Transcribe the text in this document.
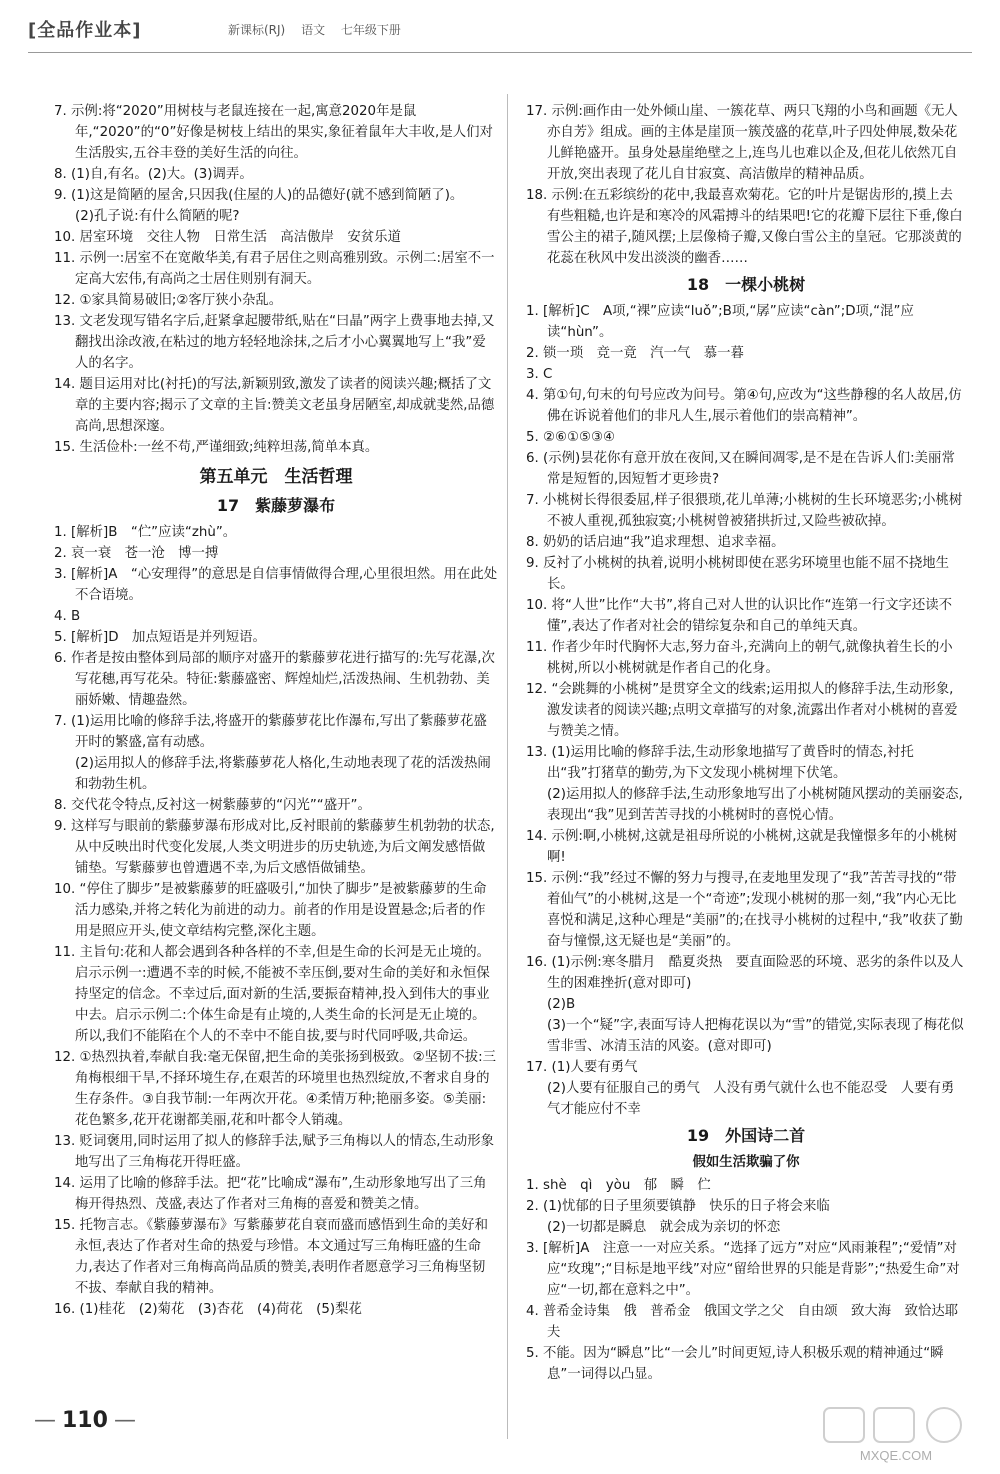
[全品作业本]	新课标(RJ) 语文 七年级下册

7. 示例:将“2020”用树枝与老鼠连接在一起,寓意2020年是鼠年,“2020”的“0”好像是树枝上结出的果实,象征着鼠年大丰收,是人们对生活殷实,五谷丰登的美好生活的向往。

8. (1)自,有名。(2)大。(3)调弄。

9. (1)这是简陋的屋舍,只因我(住屋的人)的品德好(就不感到简陋了)。

(2)孔子说:有什么简陋的呢?

10. 居室环境　交往人物　日常生活　高洁傲岸　安贫乐道

11. 示例一:居室不在宽敞华美,有君子居住之则高雅别致。示例二:居室不一定高大宏伟,有高尚之士居住则别有洞天。

12. ①家具简易破旧;②客厅狭小杂乱。

13. 文老发现写错名字后,赶紧拿起腰带纸,贴在“曰晶”两字上费事地去掉,又翻找出涂改液,在粘过的地方轻轻地涂抹,之后才小心翼翼地写上“我”爱人的名字。

14. 题目运用对比(衬托)的写法,新颖别致,激发了读者的阅读兴趣;概括了文章的主要内容;揭示了文章的主旨:赞美文老虽身居陋室,却成就斐然,品德高尚,思想深邃。

15. 生活俭朴:一丝不苟,严谨细致;纯粹坦荡,简单本真。

第五单元　生活哲理

17　紫藤萝瀑布

1. [解析]B　“伫”应读“zhù”。

2. 哀一衰　苍一沧　博一搏

3. [解析]A　“心安理得”的意思是自信事情做得合理,心里很坦然。用在此处不合语境。

4. B

5. [解析]D　加点短语是并列短语。

6. 作者是按由整体到局部的顺序对盛开的紫藤萝花进行描写的:先写花瀑,次写花穗,再写花朵。特征:紫藤盛密、辉煌灿烂,活泼热闹、生机勃勃、美丽娇嫩、情趣盎然。

7. (1)运用比喻的修辞手法,将盛开的紫藤萝花比作瀑布,写出了紫藤萝花盛开时的繁盛,富有动感。

(2)运用拟人的修辞手法,将紫藤萝花人格化,生动地表现了花的活泼热闹和勃勃生机。

8. 交代花令特点,反衬这一树紫藤萝的“闪光”“盛开”。

9. 这样写与眼前的紫藤萝瀑布形成对比,反衬眼前的紫藤萝生机勃勃的状态,从中反映出时代变化发展,人类文明进步的历史轨迹,为后文阐发感悟做铺垫。写紫藤萝也曾遭遇不幸,为后文感悟做铺垫。

10. “停住了脚步”是被紫藤萝的旺盛吸引,“加快了脚步”是被紫藤萝的生命活力感染,并将之转化为前进的动力。前者的作用是设置悬念;后者的作用是照应开头,使文章结构完整,深化主题。

11. 主旨句:花和人都会遇到各种各样的不幸,但是生命的长河是无止境的。启示示例一:遭遇不幸的时候,不能被不幸压倒,要对生命的美好和永恒保持坚定的信念。不幸过后,面对新的生活,要振奋精神,投入到伟大的事业中去。启示示例二:个体生命是有止境的,人类生命的长河是无止境的。所以,我们不能陷在个人的不幸中不能自拔,要与时代同呼吸,共命运。

12. ①热烈执着,奉献自我:毫无保留,把生命的美张扬到极致。②坚韧不拔:三角梅根细干旱,不择环境生存,在艰苦的环境里也热烈绽放,不奢求自身的生存条件。③自我节制:一年两次开花。④柔情万种;艳丽多姿。⑤美丽:花色繁多,花开花谢都美丽,花和叶都令人销魂。

13. 贬词褒用,同时运用了拟人的修辞手法,赋予三角梅以人的情态,生动形象地写出了三角梅花开得旺盛。

14. 运用了比喻的修辞手法。把“花”比喻成“瀑布”,生动形象地写出了三角梅开得热烈、茂盛,表达了作者对三角梅的喜爱和赞美之情。

15. 托物言志。《紫藤萝瀑布》写紫藤萝花自衰而盛而感悟到生命的美好和永恒,表达了作者对生命的热爱与珍惜。本文通过写三角梅旺盛的生命力,表达了作者对三角梅高尚品质的赞美,表明作者愿意学习三角梅坚韧不拔、奉献自我的精神。

16. (1)桂花　(2)菊花　(3)杏花　(4)荷花　(5)梨花

17. 示例:画作由一处外倾山崖、一簇花草、两只飞翔的小鸟和画题《无人亦自芳》组成。画的主体是崖顶一簇茂盛的花草,叶子四处伸展,数朵花儿鲜艳盛开。虽身处悬崖绝壁之上,连鸟儿也难以企及,但花儿依然兀自开放,突出表现了花儿自甘寂寞、高洁傲岸的精神品质。

18. 示例:在五彩缤纷的花中,我最喜欢菊花。它的叶片是锯齿形的,摸上去有些粗糙,也许是和寒冷的风霜搏斗的结果吧!它的花瓣下层往下垂,像白雪公主的裙子,随风摆;上层像椅子瓣,又像白雪公主的皇冠。它那淡黄的花蕊在秋风中发出淡淡的幽香……

18　一棵小桃树

1. [解析]C　A项,“裸”应读“luǒ”;B项,“孱”应读“càn”;D项,“混”应读“hùn”。

2. 锁一琐　竞一竟　汽一气　慕一暮

3. C

4. 第①句,句末的句号应改为问号。第④句,应改为“这些静穆的名人故居,仿佛在诉说着他们的非凡人生,展示着他们的崇高精神”。

5. ②⑥①⑤③④

6. (示例)昙花你有意开放在夜间,又在瞬间凋零,是不是在告诉人们:美丽常常是短暂的,因短暂才更珍贵?

7. 小桃树长得很委屈,样子很猥琐,花儿单薄;小桃树的生长环境恶劣;小桃树不被人重视,孤独寂寞;小桃树曾被猪拱折过,又险些被砍掉。

8. 奶奶的话启迪“我”追求理想、追求幸福。

9. 反衬了小桃树的执着,说明小桃树即使在恶劣环境里也能不屈不挠地生长。

10. 将“人世”比作“大书”,将自己对人世的认识比作“连第一行文字还读不懂”,表达了作者对社会的错综复杂和自己的单纯天真。

11. 作者少年时代胸怀大志,努力奋斗,充满向上的朝气,就像执着生长的小桃树,所以小桃树就是作者自己的化身。

12. “会跳舞的小桃树”是贯穿全文的线索;运用拟人的修辞手法,生动形象,激发读者的阅读兴趣;点明文章描写的对象,流露出作者对小桃树的喜爱与赞美之情。

13. (1)运用比喻的修辞手法,生动形象地描写了黄昏时的情态,衬托出“我”打猪草的勤劳,为下文发现小桃树埋下伏笔。

(2)运用拟人的修辞手法,生动形象地写出了小桃树随风摆动的美丽姿态,表现出“我”见到苦苦寻找的小桃树时的喜悦心情。

14. 示例:啊,小桃树,这就是祖母所说的小桃树,这就是我憧憬多年的小桃树啊!

15. 示例:“我”经过不懈的努力与搜寻,在麦地里发现了“我”苦苦寻找的“带着仙气”的小桃树,这是一个“奇迹”;发现小桃树的那一刻,“我”内心无比喜悦和满足,这种心理是“美丽”的;在找寻小桃树的过程中,“我”收获了勤奋与憧憬,这无疑也是“美丽”的。

16. (1)示例:寒冬腊月　酷夏炎热　要直面险恶的环境、恶劣的条件以及人生的困难挫折(意对即可)

(2)B

(3)一个“疑”字,表面写诗人把梅花误以为“雪”的错觉,实际表现了梅花似雪非雪、冰清玉洁的风姿。(意对即可)

17. (1)人要有勇气

(2)人要有征服自己的勇气　人没有勇气就什么也不能忍受　人要有勇气才能应付不幸

19　外国诗二首

假如生活欺骗了你

1. shè　qì　yòu　郁　瞬　伫

2. (1)忧郁的日子里须要镇静　快乐的日子将会来临

(2)一切都是瞬息　就会成为亲切的怀恋

3. [解析]A　注意一一对应关系。“选择了远方”对应“风雨兼程”;“爱情”对应“玫瑰”;“目标是地平线”对应“留给世界的只能是背影”;“热爱生命”对应“一切,都在意料之中”。

4. 普希金诗集　俄　普希金　俄国文学之父　自由颂　致大海　致恰达耶夫

5. 不能。因为“瞬息”比“一会儿”时间更短,诗人积极乐观的精神通过“瞬息”一词得以凸显。

— 110 —
MXQE.COM
